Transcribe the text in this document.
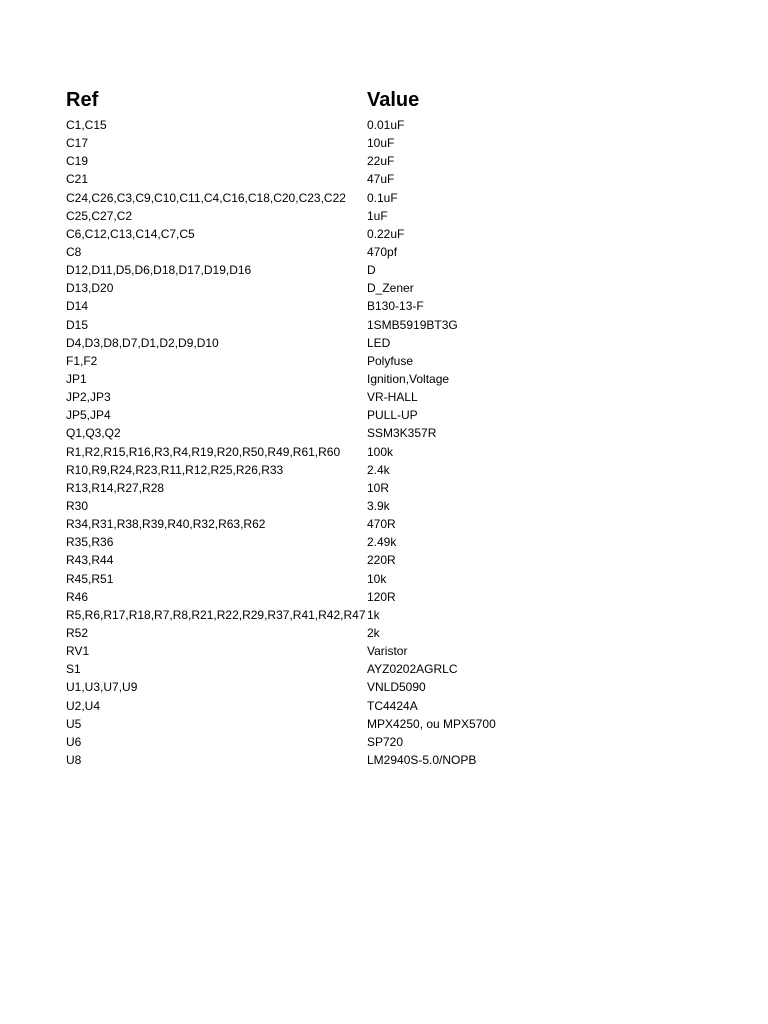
Ref	Value
C1,C15	0.01uF
C17	10uF
C19	22uF
C21	47uF
C24,C26,C3,C9,C10,C11,C4,C16,C18,C20,C23,C22 0.1uF
C25,C27,C2	1uF
C6,C12,C13,C14,C7,C5	0.22uF
C8	470pf
D12,D11,D5,D6,D18,D17,D19,D16	D
D13,D20	D_Zener
D14	B130-13-F
D15	1SMB5919BT3G
D4,D3,D8,D7,D1,D2,D9,D10	LED
F1,F2	Polyfuse
JP1	Ignition,Voltage
JP2,JP3	VR-HALL
JP5,JP4	PULL-UP
Q1,Q3,Q2	SSM3K357R
R1,R2,R15,R16,R3,R4,R19,R20,R50,R49,R61,R60 100k
R10,R9,R24,R23,R11,R12,R25,R26,R33	2.4k
R13,R14,R27,R28	10R
R30	3.9k
R34,R31,R38,R39,R40,R32,R63,R62	470R
R35,R36	2.49k
R43,R44	220R
R45,R51	10k
R46	120R
R5,R6,R17,R18,R7,R8,R21,R22,R29,R37,R41,R42,R47 1k
R52	2k
RV1	Varistor
S1	AYZ0202AGRLC
U1,U3,U7,U9	VNLD5090
U2,U4	TC4424A
U5	MPX4250, ou MPX5700
U6	SP720
U8	LM2940S-5.0/NOPB
